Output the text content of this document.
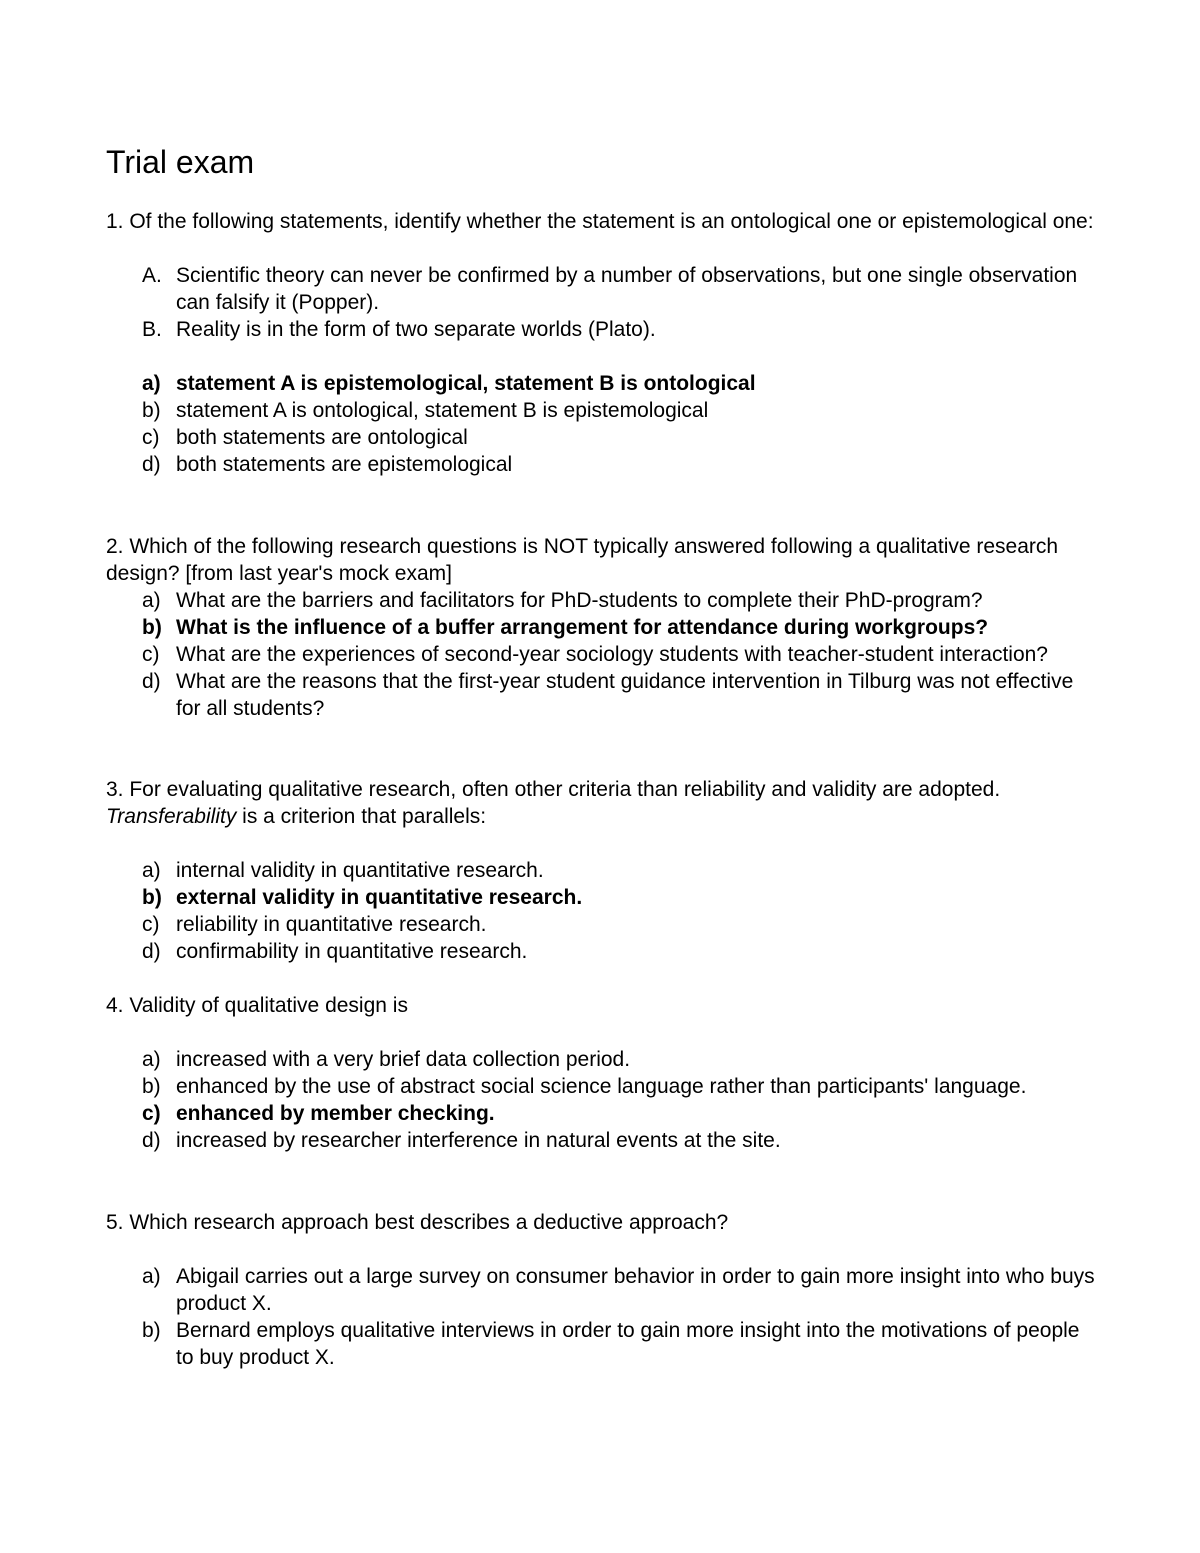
Trial exam

1. Of the following statements, identify whether the statement is an ontological one or epistemological one:

A. Scientific theory can never be confirmed by a number of observations, but one single observation can falsify it (Popper).
B. Reality is in the form of two separate worlds (Plato).
a) statement A is epistemological, statement B is ontological
b) statement A is ontological, statement B is epistemological
c) both statements are ontological
d) both statements are epistemological

2. Which of the following research questions is NOT typically answered following a qualitative research design? [from last year's mock exam]

a) What are the barriers and facilitators for PhD-students to complete their PhD-program?
b) What is the influence of a buffer arrangement for attendance during workgroups?
c) What are the experiences of second-year sociology students with teacher-student interaction?
d) What are the reasons that the first-year student guidance intervention in Tilburg was not effective for all students?

3. For evaluating qualitative research, often other criteria than reliability and validity are adopted. Transferability is a criterion that parallels:

a) internal validity in quantitative research.
b) external validity in quantitative research.
c) reliability in quantitative research.
d) confirmability in quantitative research.

4. Validity of qualitative design is

a) increased with a very brief data collection period.
b) enhanced by the use of abstract social science language rather than participants' language.
c) enhanced by member checking.
d) increased by researcher interference in natural events at the site.

5. Which research approach best describes a deductive approach?

a) Abigail carries out a large survey on consumer behavior in order to gain more insight into who buys product X.
b) Bernard employs qualitative interviews in order to gain more insight into the motivations of people to buy product X.
